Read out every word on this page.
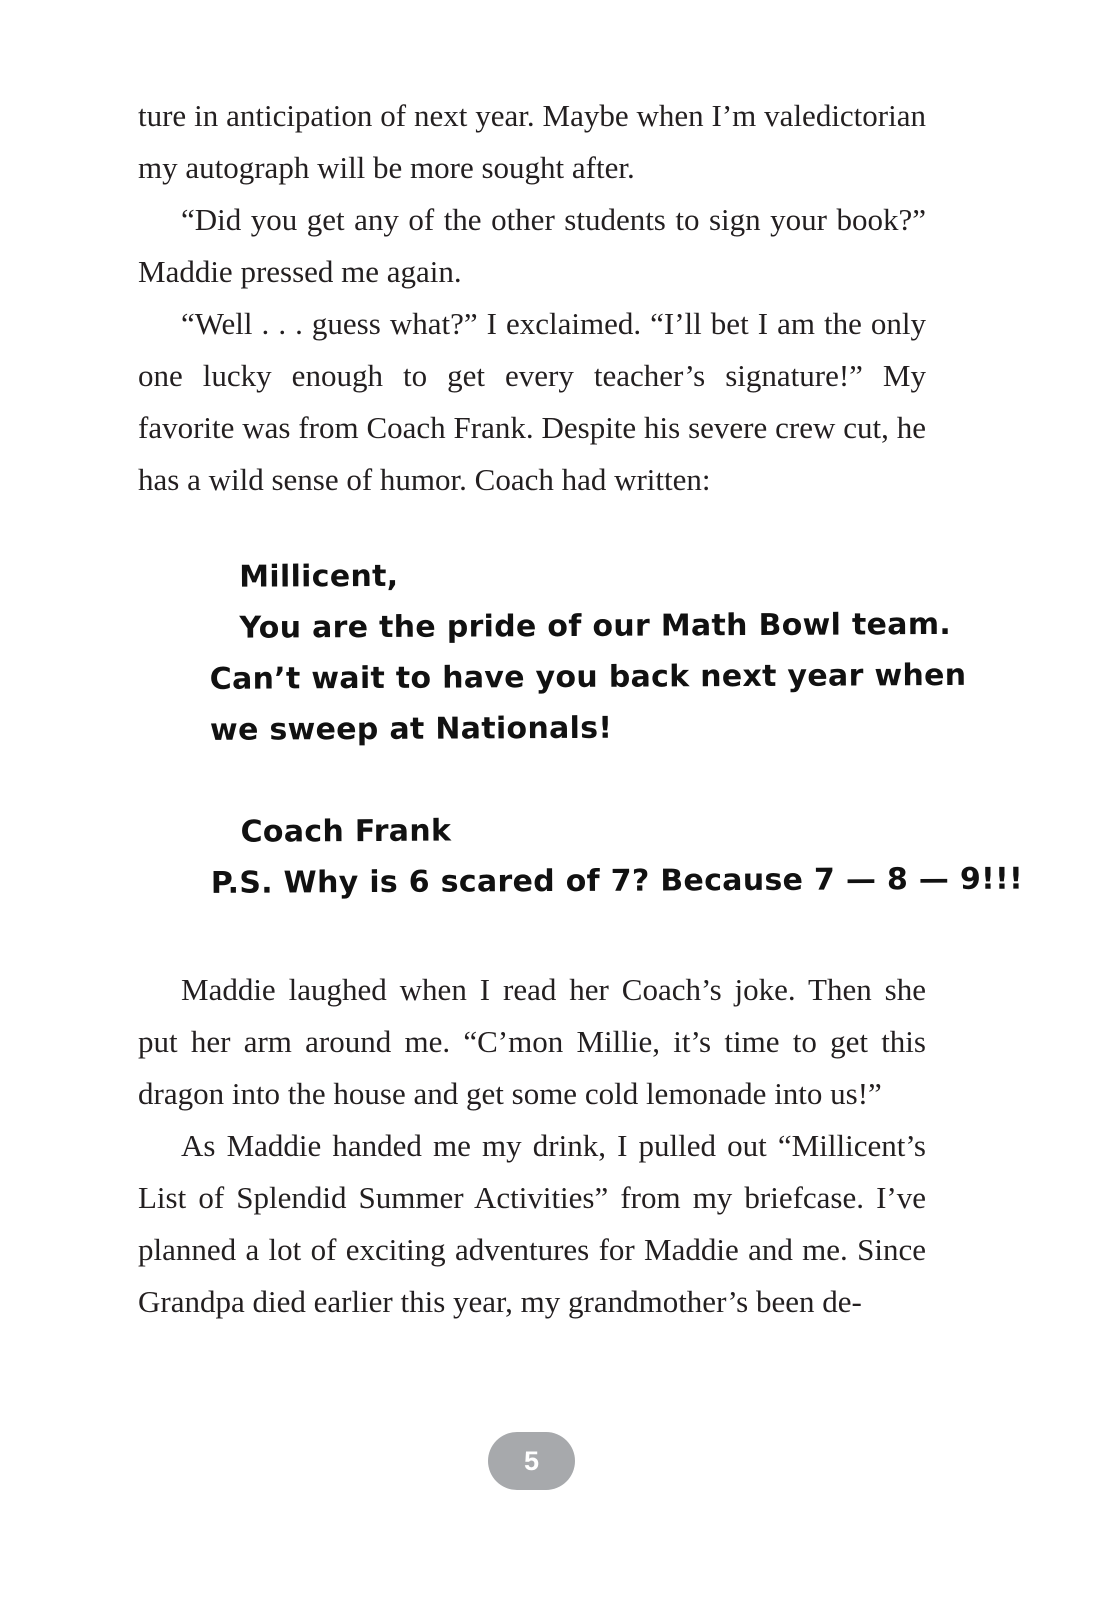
ture in anticipation of next year. Maybe when I’m valedictorian my autograph will be more sought after.

“Did you get any of the other students to sign your book?” Maddie pressed me again.

“Well . . . guess what?” I exclaimed. “I’ll bet I am the only one lucky enough to get every teacher’s signature!” My favorite was from Coach Frank. Despite his severe crew cut, he has a wild sense of humor. Coach had written:

Millicent,
You are the pride of our Math Bowl team.
Can’t wait to have you back next year when
we sweep at Nationals!
Coach Frank
P.S. Why is 6 scared of 7? Because 7 — 8 — 9!!!

Maddie laughed when I read her Coach’s joke. Then she put her arm around me. “C’mon Millie, it’s time to get this dragon into the house and get some cold lemonade into us!”

As Maddie handed me my drink, I pulled out “Millicent’s List of Splendid Summer Activities” from my briefcase. I’ve planned a lot of exciting adventures for Maddie and me. Since Grandpa died earlier this year, my grandmother’s been de-

5
